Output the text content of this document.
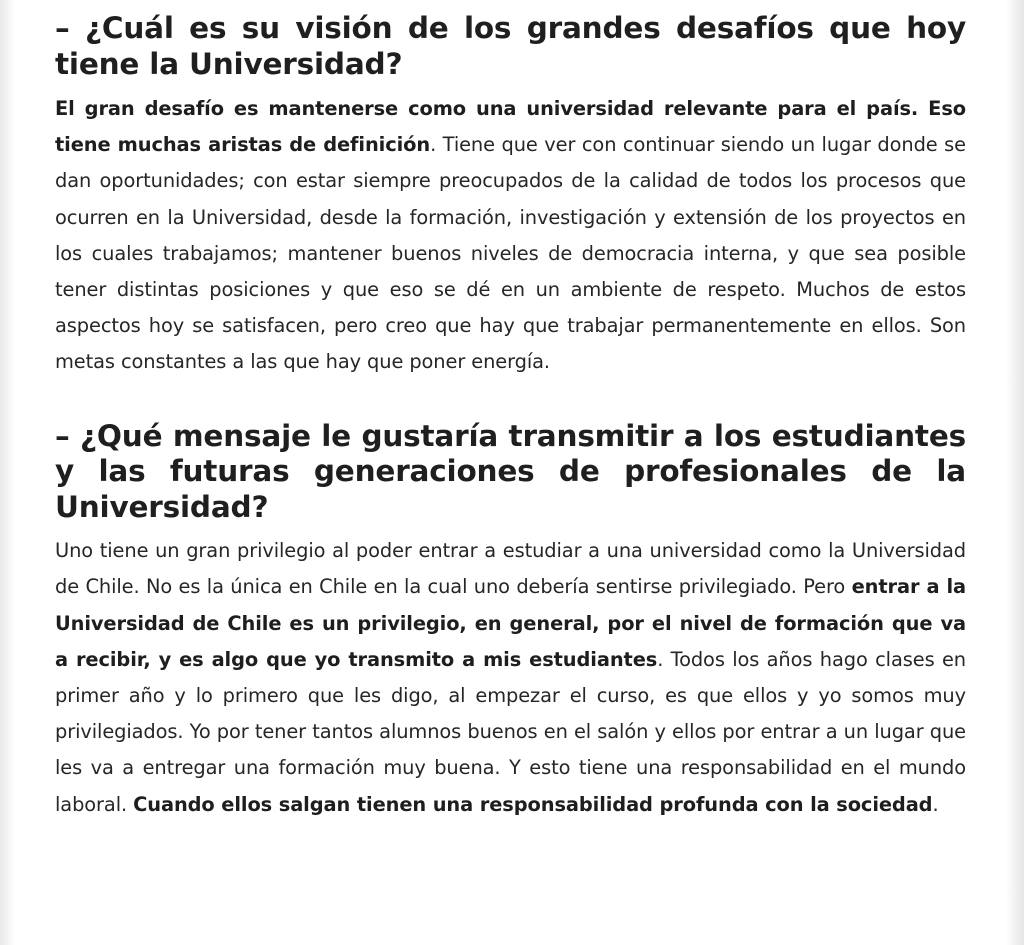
– ¿Cuál es su visión de los grandes desafíos que hoy tiene la Universidad?

El gran desafío es mantenerse como una universidad relevante para el país. Eso tiene muchas aristas de definición. Tiene que ver con continuar siendo un lugar donde se dan oportunidades; con estar siempre preocupados de la calidad de todos los procesos que ocurren en la Universidad, desde la formación, investigación y extensión de los proyectos en los cuales trabajamos; mantener buenos niveles de democracia interna, y que sea posible tener distintas posiciones y que eso se dé en un ambiente de respeto. Muchos de estos aspectos hoy se satisfacen, pero creo que hay que trabajar permanentemente en ellos. Son metas constantes a las que hay que poner energía.

– ¿Qué mensaje le gustaría transmitir a los estudiantes y las futuras generaciones de profesionales de la Universidad?

Uno tiene un gran privilegio al poder entrar a estudiar a una universidad como la Universidad de Chile. No es la única en Chile en la cual uno debería sentirse privilegiado. Pero entrar a la Universidad de Chile es un privilegio, en general, por el nivel de formación que va a recibir, y es algo que yo transmito a mis estudiantes. Todos los años hago clases en primer año y lo primero que les digo, al empezar el curso, es que ellos y yo somos muy privilegiados. Yo por tener tantos alumnos buenos en el salón y ellos por entrar a un lugar que les va a entregar una formación muy buena. Y esto tiene una responsabilidad en el mundo laboral. Cuando ellos salgan tienen una responsabilidad profunda con la sociedad.
